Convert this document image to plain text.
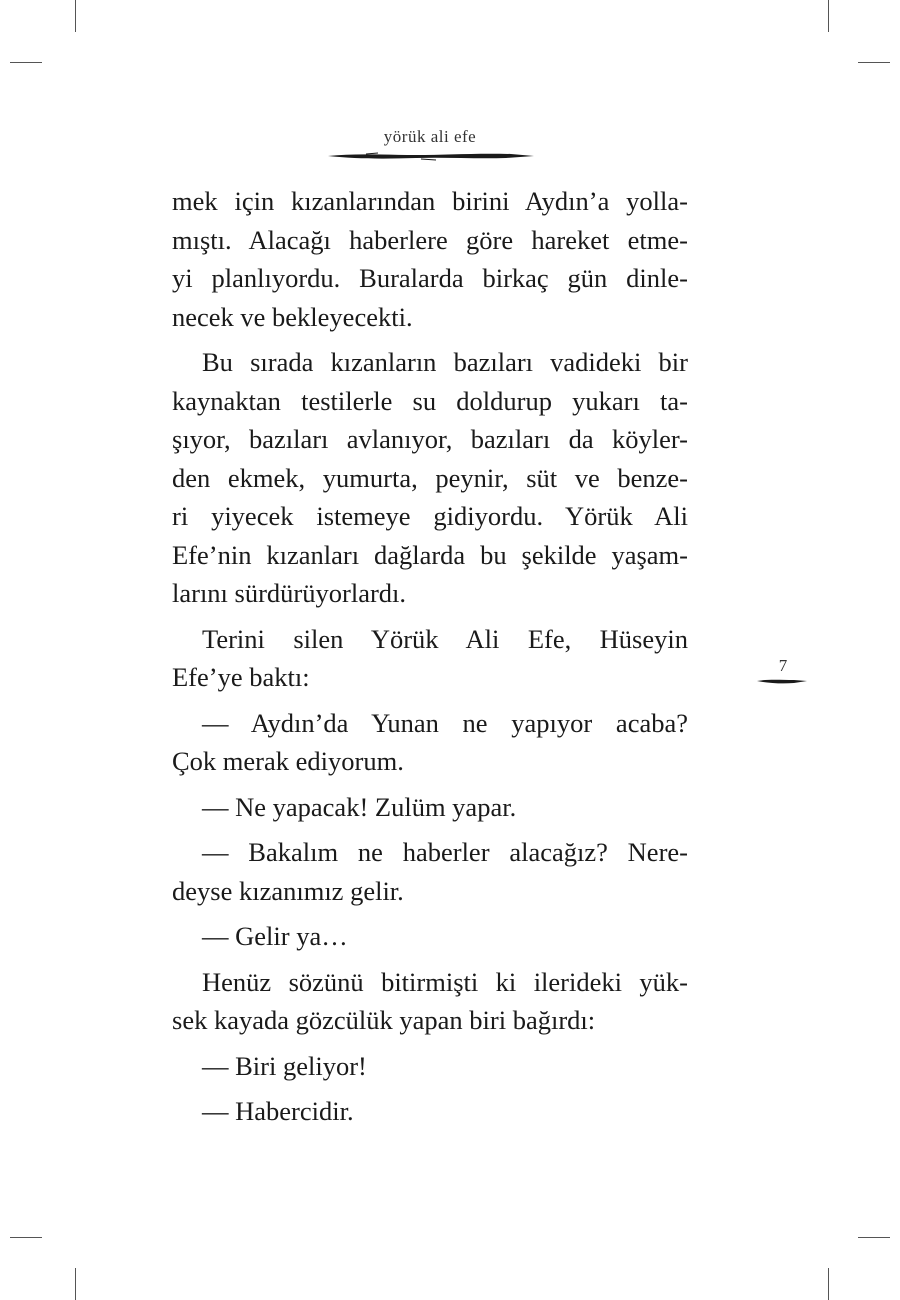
yörük ali efe
mek için kızanlarından birini Aydın’a yolla-
mıştı. Alacağı haberlere göre hareket etme-
yi planlıyordu. Buralarda birkaç gün dinle-
necek ve bekleyecekti.
Bu sırada kızanların bazıları vadideki bir
kaynaktan testilerle su doldurup yukarı ta-
şıyor, bazıları avlanıyor, bazıları da köyler-
den ekmek, yumurta, peynir, süt ve benze-
ri yiyecek istemeye gidiyordu. Yörük Ali
Efe’nin kızanları dağlarda bu şekilde yaşam-
larını sürdürüyorlardı.
Terini silen Yörük Ali Efe, Hüseyin
Efe’ye baktı:
— Aydın’da Yunan ne yapıyor acaba?
Çok merak ediyorum.
— Ne yapacak! Zulüm yapar.
— Bakalım ne haberler alacağız? Nere-
deyse kızanımız gelir.
— Gelir ya…
Henüz sözünü bitirmişti ki ilerideki yük-
sek kayada gözcülük yapan biri bağırdı:
— Biri geliyor!
— Habercidir.
7
